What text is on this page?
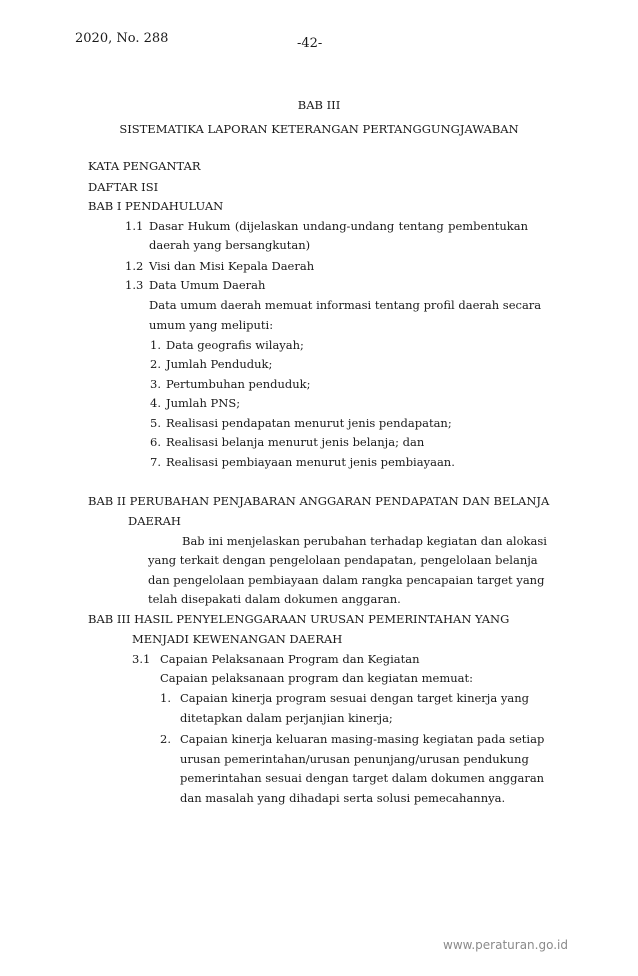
2020, No. 288	-42-
BAB III
SISTEMATIKA LAPORAN KETERANGAN PERTANGGUNGJAWABAN
KATA PENGANTAR
DAFTAR ISI
BAB I PENDAHULUAN
1.1 Dasar Hukum (dijelaskan undang-undang tentang pembentukan
daerah yang bersangkutan)
1.2 Visi dan Misi Kepala Daerah
1.3 Data Umum Daerah
Data umum daerah memuat informasi tentang profil daerah secara
umum yang meliputi:
1. Data geografis wilayah;
2. Jumlah Penduduk;
3. Pertumbuhan penduduk;
4. Jumlah PNS;
5. Realisasi pendapatan menurut jenis pendapatan;
6. Realisasi belanja menurut jenis belanja; dan
7. Realisasi pembiayaan menurut jenis pembiayaan.
BAB II PERUBAHAN PENJABARAN ANGGARAN PENDAPATAN DAN BELANJA
DAERAH
Bab ini menjelaskan perubahan terhadap kegiatan dan alokasi
yang terkait dengan pengelolaan pendapatan, pengelolaan belanja
dan pengelolaan pembiayaan dalam rangka pencapaian target yang
telah disepakati dalam dokumen anggaran.
BAB III HASIL PENYELENGGARAAN URUSAN PEMERINTAHAN YANG
MENJADI KEWENANGAN DAERAH
3.1 Capaian Pelaksanaan Program dan Kegiatan
Capaian pelaksanaan program dan kegiatan memuat:
1. Capaian kinerja program sesuai dengan target kinerja yang
ditetapkan dalam perjanjian kinerja;
2. Capaian kinerja keluaran masing-masing kegiatan pada setiap
urusan pemerintahan/urusan penunjang/urusan pendukung
pemerintahan sesuai dengan target dalam dokumen anggaran
dan masalah yang dihadapi serta solusi pemecahannya.
www.peraturan.go.id
